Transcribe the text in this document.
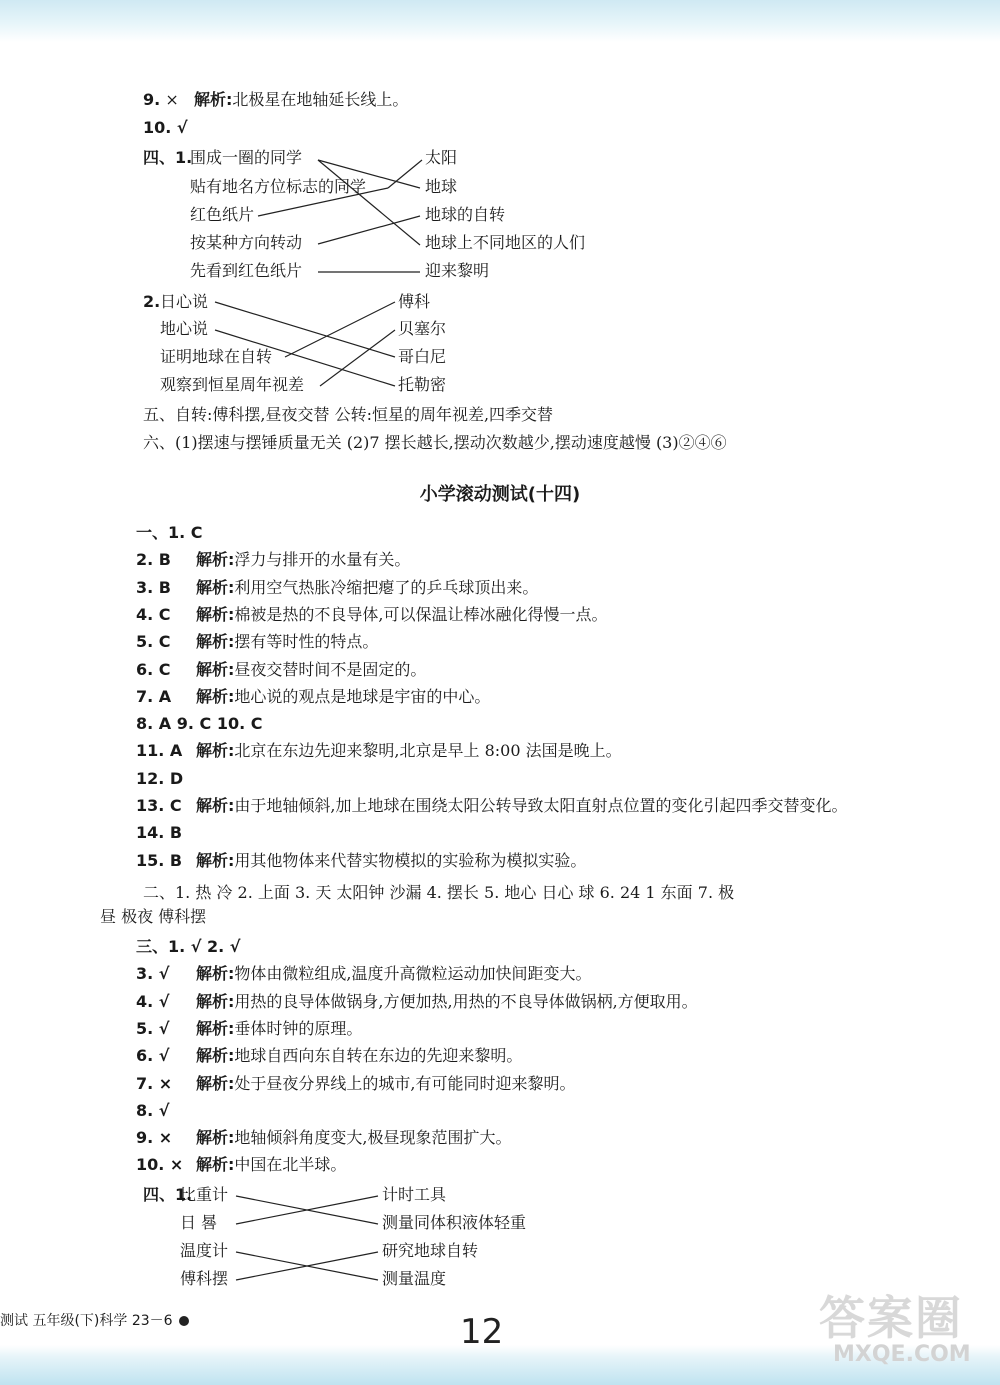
9. × 解析:北极星在地轴延长线上。
10. √
四、1.
围成一圈的同学
贴有地名方位标志的同学
红色纸片
按某种方向转动
先看到红色纸片
太阳
地球
地球的自转
地球上不同地区的人们
迎来黎明
2. 日心说
地心说
证明地球在自转
观察到恒星周年视差
傅科
贝塞尔
哥白尼
托勒密
五、自转:傅科摆,昼夜交替 公转:恒星的周年视差,四季交替
六、(1)摆速与摆锤质量无关 (2)7 摆长越长,摆动次数越少,摆动速度越慢 (3)②④⑥
小学滚动测试(十四)
一、1. C
2. B 解析:浮力与排开的水量有关。
3. B 解析:利用空气热胀冷缩把瘪了的乒乓球顶出来。
4. C 解析:棉被是热的不良导体,可以保温让棒冰融化得慢一点。
5. C 解析:摆有等时性的特点。
6. C 解析:昼夜交替时间不是固定的。
7. A 解析:地心说的观点是地球是宇宙的中心。
8. A 9. C 10. C
11. A 解析:北京在东边先迎来黎明,北京是早上 8:00 法国是晚上。
12. D
13. C 解析:由于地轴倾斜,加上地球在围绕太阳公转导致太阳直射点位置的变化引起四季交替变化。
14. B
15. B 解析:用其他物体来代替实物模拟的实验称为模拟实验。
二、1. 热 冷 2. 上面 3. 天 太阳钟 沙漏 4. 摆长 5. 地心 日心 球 6. 24 1 东面 7. 极
昼 极夜 傅科摆
三、1. √ 2. √
3. √ 解析:物体由微粒组成,温度升高微粒运动加快间距变大。
4. √ 解析:用热的良导体做锅身,方便加热,用热的不良导体做锅柄,方便取用。
5. √ 解析:垂体时钟的原理。
6. √ 解析:地球自西向东自转在东边的先迎来黎明。
7. × 解析:处于昼夜分界线上的城市,有可能同时迎来黎明。
8. √
9. × 解析:地轴倾斜角度变大,极昼现象范围扩大。
10. × 解析:中国在北半球。
四、1.
比重计
日 晷
温度计
傅科摆
计时工具
测量同体积液体轻重
研究地球自转
测量温度
测试 五年级(下)科学 23－6	12	答案圈
MXQE.COM
